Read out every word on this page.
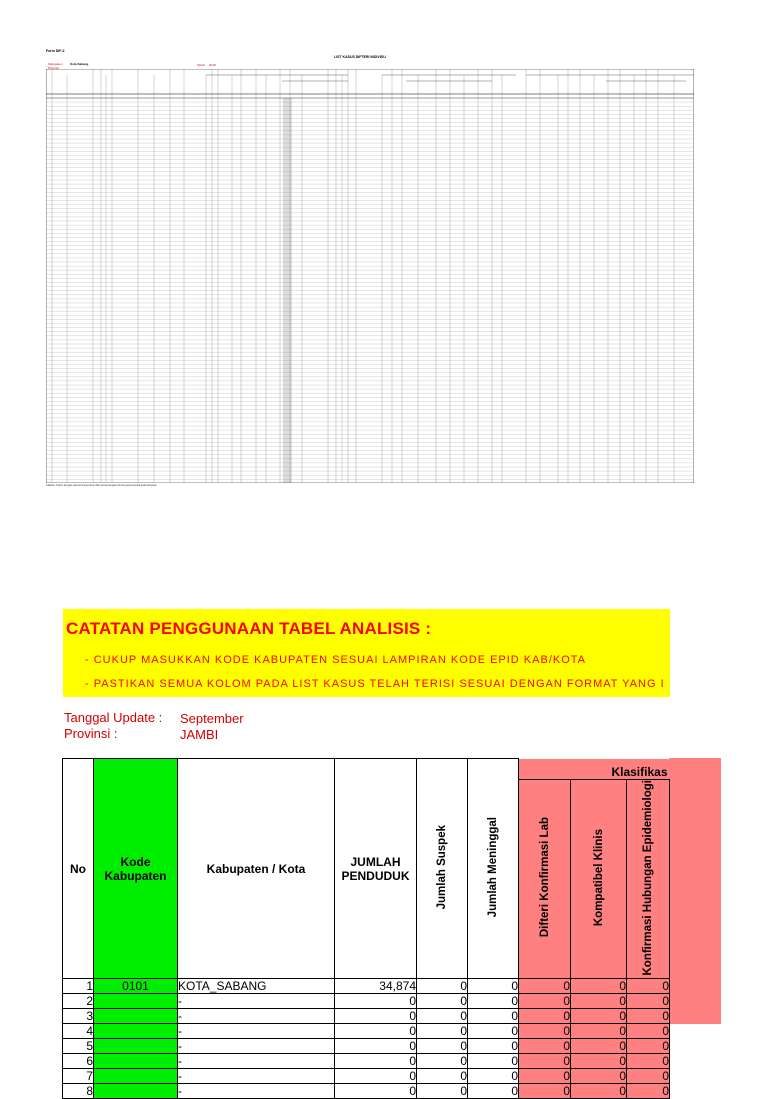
Form DIF-2
LIST KASUS DIFTERI INDIVIDU
Kabupaten
Provinsi
Kota Sabang	Tahun 2018
Catatan: Kolom dengan warna kuning harus diisi sesuai dengan format yang tersedia pada lampiran
CATATAN PENGGUNAAN TABEL ANALISIS :
- CUKUP MASUKKAN KODE KABUPATEN SESUAI LAMPIRAN KODE EPID KAB/KOTA
- PASTIKAN SEMUA KOLOM PADA LIST KASUS TELAH TERISI SESUAI DENGAN FORMAT YANG I
Tanggal Update : September
Provinsi :	JAMBI
No	Kode Kabupaten	Kabupaten / Kota	JUMLAH PENDUDUK	Jumlah Suspek	Jumlah Meninggal	Klasifikas		
						Difteri Konfirmasi Lab	Kompatibel Klinis	Konfirmasi Hubungan Epidemiologi
1	0101	KOTA_SABANG	34,874	0	0	0	0	0
2		-	0	0	0	0	0	0
3		-	0	0	0	0	0	0
4		-	0	0	0	0	0	0
5		-	0	0	0	0	0	0
6		-	0	0	0	0	0	0
7		-	0	0	0	0	0	0
8		-	0	0	0	0	0	0
